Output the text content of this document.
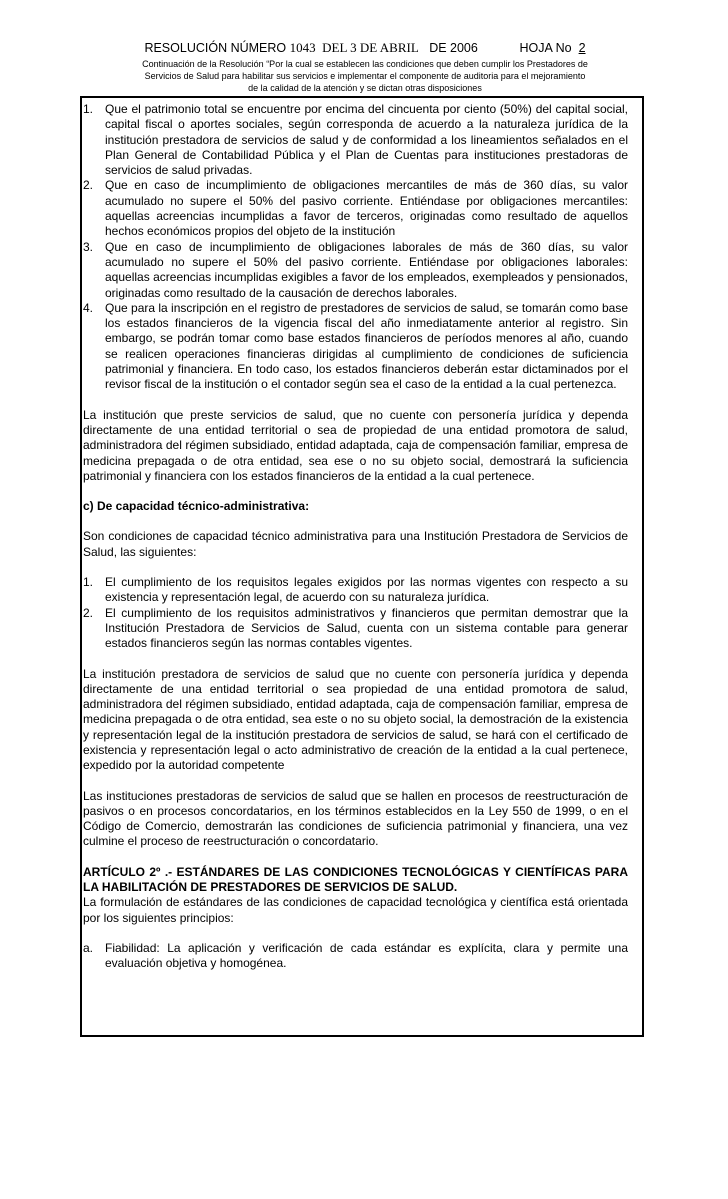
RESOLUCIÓN NÚMERO 1043  DEL 3 DE ABRIL DE 2006	HOJA No 2
Continuación de la Resolución “Por la cual se establecen las condiciones que deben cumplir los Prestadores de
Servicios de Salud para habilitar sus servicios e implementar el componente de auditoria para el mejoramiento
de la calidad de la atención y se dictan otras disposiciones
1. Que el patrimonio total se encuentre por encima del cincuenta por ciento (50%) del capital social, capital fiscal o aportes sociales, según corresponda de acuerdo a la naturaleza jurídica de la institución prestadora de servicios de salud y de conformidad a los lineamientos señalados en el Plan General de Contabilidad Pública y el Plan de Cuentas para instituciones prestadoras de servicios de salud privadas.
2. Que en caso de incumplimiento de obligaciones mercantiles de más de 360 días, su valor acumulado no supere el 50% del pasivo corriente. Entiéndase por obligaciones mercantiles: aquellas acreencias incumplidas a favor de terceros, originadas como resultado de aquellos hechos económicos propios del objeto de la institución
3. Que en caso de incumplimiento de obligaciones laborales de más de 360 días, su valor acumulado no supere el 50% del pasivo corriente. Entiéndase por obligaciones laborales: aquellas acreencias incumplidas exigibles a favor de los empleados, exempleados y pensionados, originadas como resultado de la causación de derechos laborales.
4. Que para la inscripción en el registro de prestadores de servicios de salud, se tomarán como base los estados financieros de la vigencia fiscal del año inmediatamente anterior al registro. Sin embargo, se podrán tomar como base estados financieros de períodos menores al año, cuando se realicen operaciones financieras dirigidas al cumplimiento de condiciones de suficiencia patrimonial y financiera. En todo caso, los estados financieros deberán estar dictaminados por el revisor fiscal de la institución o el contador según sea el caso de la entidad a la cual pertenezca.

La institución que preste servicios de salud, que no cuente con personería jurídica y dependa directamente de una entidad territorial o sea de propiedad de una entidad promotora de salud, administradora del régimen subsidiado, entidad adaptada, caja de compensación familiar, empresa de medicina prepagada o de otra entidad, sea ese o no su objeto social, demostrará la suficiencia patrimonial y financiera con los estados financieros de la entidad a la cual pertenece.

c) De capacidad técnico-administrativa:

Son condiciones de capacidad técnico administrativa para una Institución Prestadora de Servicios de Salud, las siguientes:

1. El cumplimiento de los requisitos legales exigidos por las normas vigentes con respecto a su existencia y representación legal, de acuerdo con su naturaleza jurídica.
2. El cumplimiento de los requisitos administrativos y financieros que permitan demostrar que la Institución Prestadora de Servicios de Salud, cuenta con un sistema contable para generar estados financieros según las normas contables vigentes.

La institución prestadora de servicios de salud que no cuente con personería jurídica y dependa directamente de una entidad territorial o sea propiedad de una entidad promotora de salud, administradora del régimen subsidiado, entidad adaptada, caja de compensación familiar, empresa de medicina prepagada o de otra entidad, sea este o no su objeto social, la demostración de la existencia y representación legal de la institución prestadora de servicios de salud, se hará con el certificado de existencia y representación legal o acto administrativo de creación de la entidad a la cual pertenece, expedido por la autoridad competente

Las instituciones prestadoras de servicios de salud que se hallen en procesos de reestructuración de pasivos o en procesos concordatarios, en los términos establecidos en la Ley 550 de 1999, o en el Código de Comercio, demostrarán las condiciones de suficiencia patrimonial y financiera, una vez culmine el proceso de reestructuración o concordatario.

ARTÍCULO 2º .- ESTÁNDARES DE LAS CONDICIONES TECNOLÓGICAS Y CIENTÍFICAS PARA LA HABILITACIÓN DE PRESTADORES DE SERVICIOS DE SALUD.

La formulación de estándares de las condiciones de capacidad tecnológica y científica está orientada por los siguientes principios:

a. Fiabilidad: La aplicación y verificación de cada estándar es explícita, clara y permite una evaluación objetiva y homogénea.
